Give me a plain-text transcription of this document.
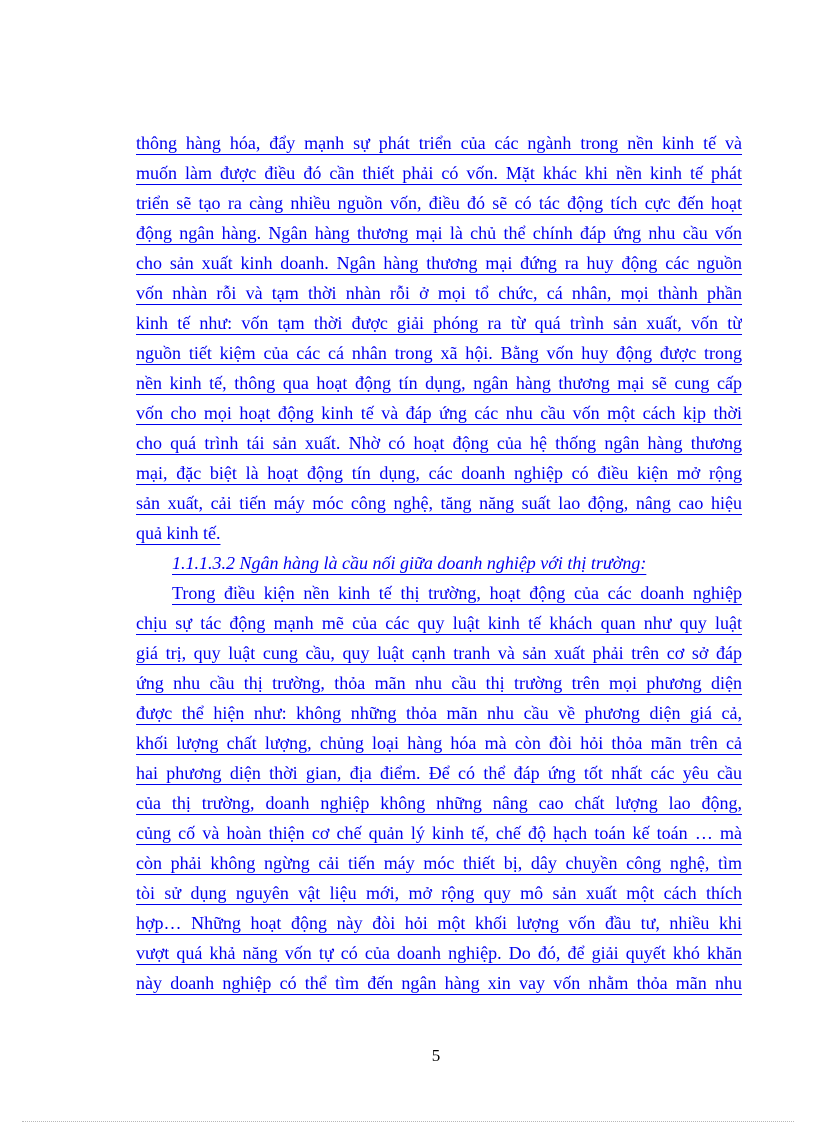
thông hàng hóa, đẩy mạnh sự phát triển của các ngành trong nền kinh tế và
muốn làm được điều đó cần thiết phải có vốn. Mặt khác khi nền kinh tế phát
triển sẽ tạo ra càng nhiều nguồn vốn, điều đó sẽ có tác động tích cực đến hoạt
động ngân hàng. Ngân hàng thương mại là chủ thể chính đáp ứng nhu cầu vốn
cho sản xuất kinh doanh. Ngân hàng thương mại đứng ra huy động các nguồn
vốn nhàn rỗi và tạm thời nhàn rỗi ở mọi tổ chức, cá nhân, mọi thành phần
kinh tế như: vốn tạm thời được giải phóng ra từ quá trình sản xuất, vốn từ
nguồn tiết kiệm của các cá nhân trong xã hội. Bằng vốn huy động được trong
nền kinh tế, thông qua hoạt động tín dụng, ngân hàng thương mại sẽ cung cấp
vốn cho mọi hoạt động kinh tế và đáp ứng các nhu cầu vốn một cách kịp thời
cho quá trình tái sản xuất. Nhờ có hoạt động của hệ thống ngân hàng thương
mại, đặc biệt là hoạt động tín dụng, các doanh nghiệp có điều kiện mở rộng
sản xuất, cải tiến máy móc công nghệ, tăng năng suất lao động, nâng cao hiệu
quả kinh tế.
1.1.1.3.2 Ngân hàng là cầu nối giữa doanh nghiệp với thị trường:
Trong điều kiện nền kinh tế thị trường, hoạt động của các doanh nghiệp
chịu sự tác động mạnh mẽ của các quy luật kinh tế khách quan như quy luật
giá trị, quy luật cung cầu, quy luật cạnh tranh và sản xuất phải trên cơ sở đáp
ứng nhu cầu thị trường, thỏa mãn nhu cầu thị trường trên mọi phương diện
được thể hiện như: không những thỏa mãn nhu cầu về phương diện giá cả,
khối lượng chất lượng, chủng loại hàng hóa mà còn đòi hỏi thỏa mãn trên cả
hai phương diện thời gian, địa điểm. Để có thể đáp ứng tốt nhất các yêu cầu
của thị trường, doanh nghiệp không những nâng cao chất lượng lao động,
củng cố và hoàn thiện cơ chế quản lý kinh tế, chế độ hạch toán kế toán … mà
còn phải không ngừng cải tiến máy móc thiết bị, dây chuyền công nghệ, tìm
tòi sử dụng nguyên vật liệu mới, mở rộng quy mô sản xuất một cách thích
hợp… Những hoạt động này đòi hỏi một khối lượng vốn đầu tư, nhiều khi
vượt quá khả năng vốn tự có của doanh nghiệp. Do đó, để giải quyết khó khăn
này doanh nghiệp có thể tìm đến ngân hàng xin vay vốn nhằm thỏa mãn nhu
5
